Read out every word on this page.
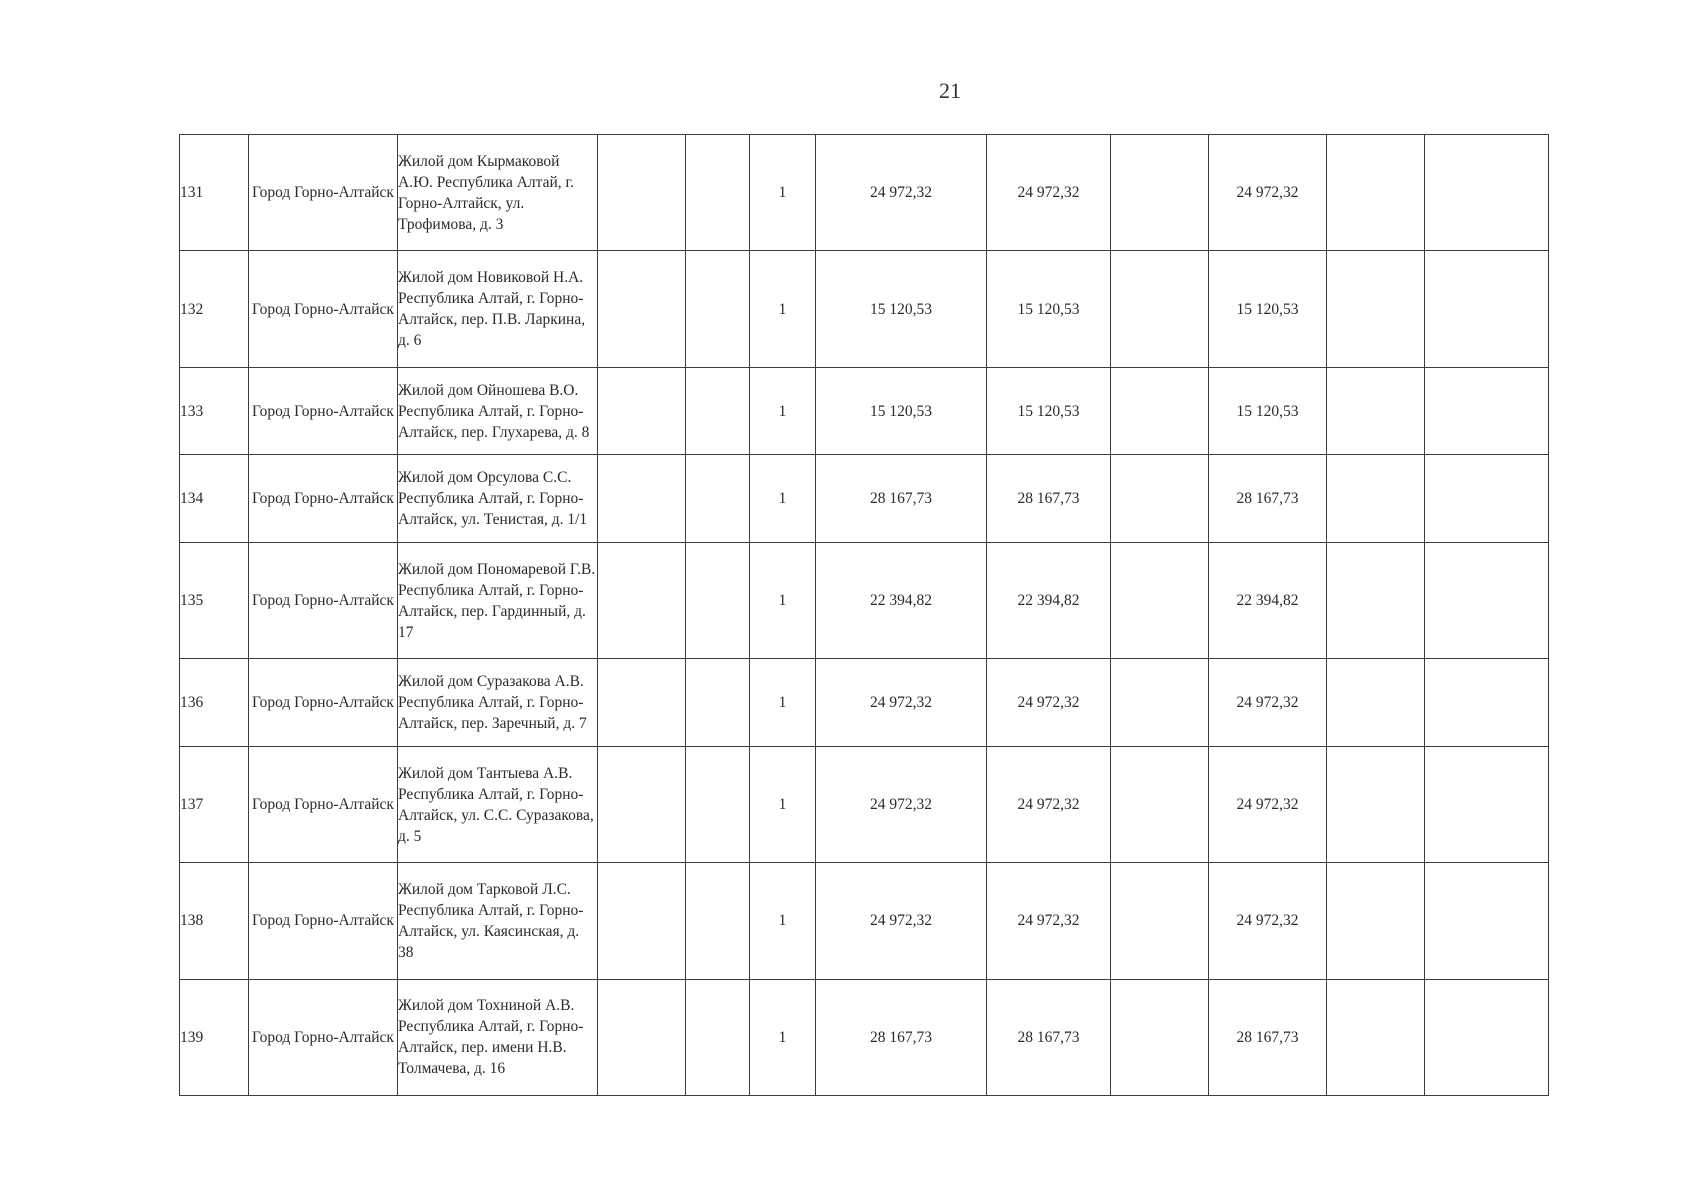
21
131	Город Горно-Алтайск	Жилой дом Кырмаковой А.Ю. Республика Алтай, г. Горно-Алтайск, ул. Трофимова, д. 3			1	24 972,32	24 972,32		24 972,32		
132	Город Горно-Алтайск	Жилой дом Новиковой Н.А. Республика Алтай, г. Горно-Алтайск, пер. П.В. Ларкина, д. 6			1	15 120,53	15 120,53		15 120,53		
133	Город Горно-Алтайск	Жилой дом Ойношева В.О. Республика Алтай, г. Горно-Алтайск, пер. Глухарева, д. 8			1	15 120,53	15 120,53		15 120,53		
134	Город Горно-Алтайск	Жилой дом Орсулова С.С. Республика Алтай, г. Горно-Алтайск, ул. Тенистая, д. 1/1			1	28 167,73	28 167,73		28 167,73		
135	Город Горно-Алтайск	Жилой дом Пономаревой Г.В. Республика Алтай, г. Горно-Алтайск, пер. Гардинный, д. 17			1	22 394,82	22 394,82		22 394,82		
136	Город Горно-Алтайск	Жилой дом Суразакова А.В. Республика Алтай, г. Горно-Алтайск, пер. Заречный, д. 7			1	24 972,32	24 972,32		24 972,32		
137	Город Горно-Алтайск	Жилой дом Тантыева А.В. Республика Алтай, г. Горно-Алтайск, ул. С.С. Суразакова, д. 5			1	24 972,32	24 972,32		24 972,32		
138	Город Горно-Алтайск	Жилой дом Тарковой Л.С. Республика Алтай, г. Горно-Алтайск, ул. Каясинская, д. 38			1	24 972,32	24 972,32		24 972,32		
139	Город Горно-Алтайск	Жилой дом Тохниной А.В. Республика Алтай, г. Горно-Алтайск, пер. имени Н.В. Толмачева, д. 16			1	28 167,73	28 167,73		28 167,73		
